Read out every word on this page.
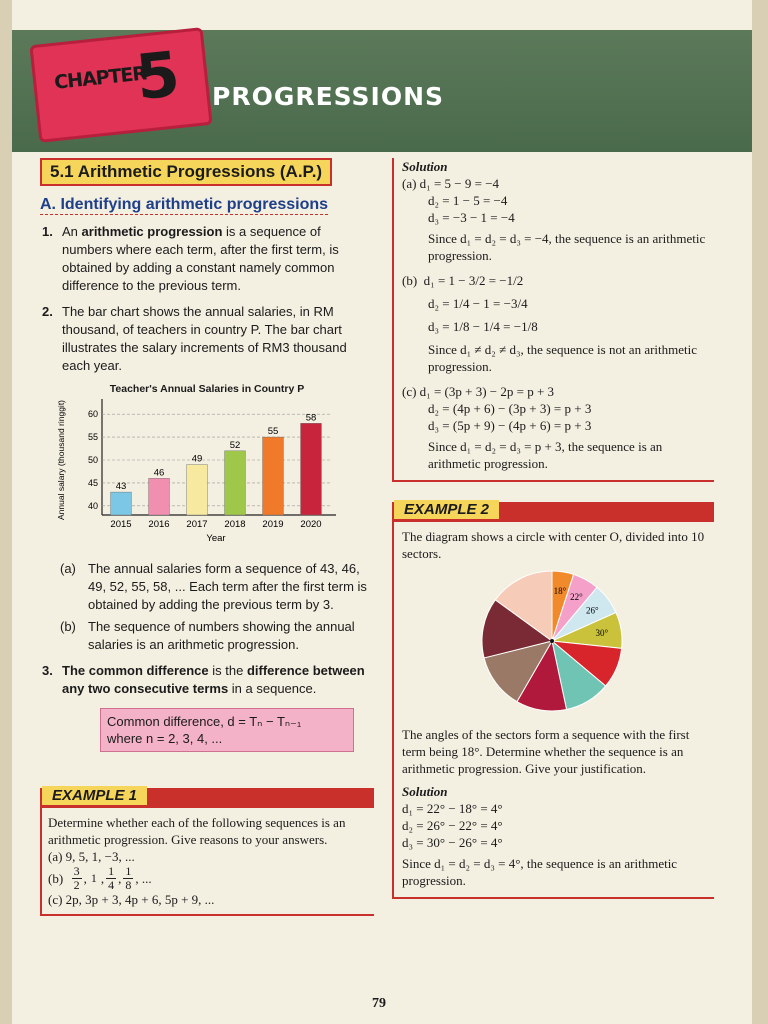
CHAPTER
5 PROGRESSIONS
5.1 Arithmetic Progressions (A.P.)
A. Identifying arithmetic progressions
1. An arithmetic progression is a sequence of numbers where each term, after the first term, is obtained by adding a constant namely common difference to the previous term.
2. The bar chart shows the annual salaries, in RM thousand, of teachers in country P. The bar chart illustrates the salary increments of RM3 thousand each year.
Teacher's Annual Salaries in Country P
40
45
50
55
60
Annual salary (thousand ringgit)	43
2015
46
2016
49
2017
52
2018
55
2019
58
2020
Year
(a) The annual salaries form a sequence of 43, 46, 49, 52, 55, 58, ... Each term after the first term is obtained by adding the previous term by 3.
(b) The sequence of numbers showing the annual salaries is an arithmetic progression.
3. The common difference is the difference between any two consecutive terms in a sequence.
Common difference, d = Tₙ − Tₙ₋₁
where n = 2, 3, 4, ...
EXAMPLE 1
Determine whether each of the following sequences is an arithmetic progression. Give reasons to your answers.
(a) 9, 5, 1, −3, ...
(b)
3
2 , 1 , 1
4 , 1
8 , ...
(c) 2p, 3p + 3, 4p + 6, 5p + 9, ...
Solution
(a) d₁ = 5 − 9 = −4
d₂ = 1 − 5 = −4
d₃ = −3 − 1 = −4
Since d₁ = d₂ = d₃ = −4, the sequence is an arithmetic progression.
(b) d₁ = 1 − 3/2 = −1/2
d₂ = 1/4 − 1 = −3/4
d₃ = 1/8 − 1/4 = −1/8
Since d₁ ≠ d₂ ≠ d₃, the sequence is not an arithmetic progression.
(c) d₁ = (3p + 3) − 2p = p + 3
d₂ = (4p + 6) − (3p + 3) = p + 3
d₃ = (5p + 9) − (4p + 6) = p + 3
Since d₁ = d₂ = d₃ = p + 3, the sequence is an arithmetic progression.
EXAMPLE 2
The diagram shows a circle with center O, divided into 10 sectors.
18°
22°
26°
30°
The angles of the sectors form a sequence with the first term being 18°. Determine whether the sequence is an arithmetic progression. Give your justification.
Solution
d₁ = 22° − 18° = 4°
d₂ = 26° − 22° = 4°
d₃ = 30° − 26° = 4°
Since d₁ = d₂ = d₃ = 4°, the sequence is an arithmetic progression.
79
